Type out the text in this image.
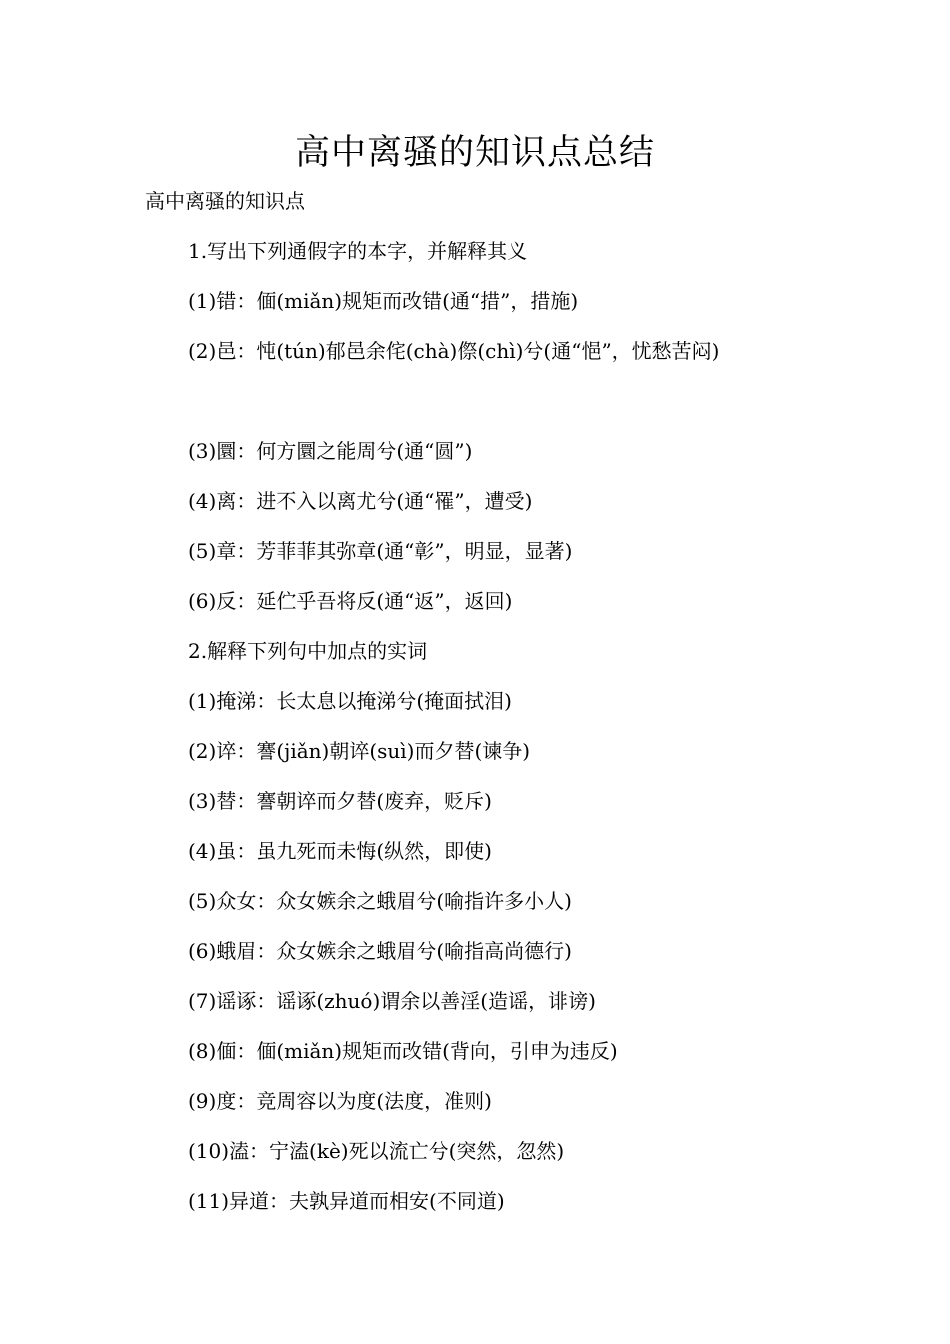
高中离骚的知识点总结
高中离骚的知识点
1.写出下列通假字的本字，并解释其义
(1)错：偭(miǎn)规矩而改错(通“措”，措施)
(2)邑：忳(tún)郁邑余侘(chà)傺(chì)兮(通“悒”，忧愁苦闷)
(3)圜：何方圜之能周兮(通“圆”)
(4)离：进不入以离尤兮(通“罹”，遭受)
(5)章：芳菲菲其弥章(通“彰”，明显，显著)
(6)反：延伫乎吾将反(通“返”，返回)
2.解释下列句中加点的实词
(1)掩涕：长太息以掩涕兮(掩面拭泪)
(2)谇：謇(jiǎn)朝谇(suì)而夕替(谏争)
(3)替：謇朝谇而夕替(废弃，贬斥)
(4)虽：虽九死而未悔(纵然，即使)
(5)众女：众女嫉余之蛾眉兮(喻指许多小人)
(6)蛾眉：众女嫉余之蛾眉兮(喻指高尚德行)
(7)谣诼：谣诼(zhuó)谓余以善淫(造谣，诽谤)
(8)偭：偭(miǎn)规矩而改错(背向，引申为违反)
(9)度：竞周容以为度(法度，准则)
(10)溘：宁溘(kè)死以流亡兮(突然，忽然)
(11)异道：夫孰异道而相安(不同道)
